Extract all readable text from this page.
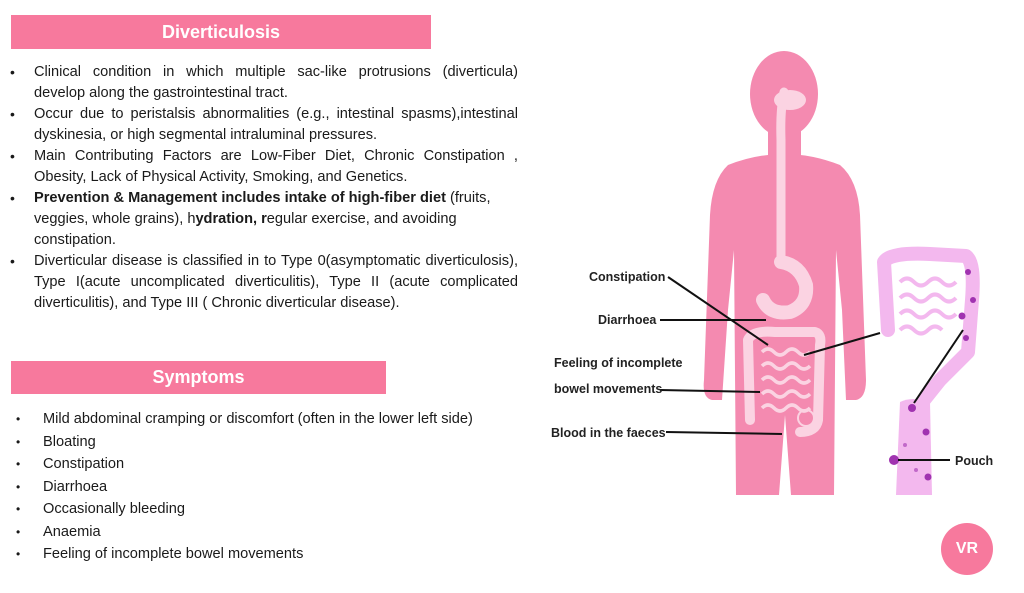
Diverticulosis
• Clinical condition in which multiple sac-like protrusions (diverticula) develop along the gastrointestinal tract.
• Occur due to peristalsis abnormalities (e.g., intestinal spasms),intestinal dyskinesia, or high segmental intraluminal pressures.
• Main Contributing Factors are Low-Fiber Diet, Chronic Constipation , Obesity, Lack of Physical Activity, Smoking, and Genetics.
• Prevention & Management includes intake of high-fiber diet (fruits, veggies, whole grains), hydration, regular exercise, and avoiding constipation.
• Diverticular disease is classified in to Type 0(asymptomatic diverticulosis), Type I(acute uncomplicated diverticulitis), Type II (acute complicated diverticulitis), and Type III ( Chronic diverticular disease).
Symptoms
• Mild abdominal cramping or discomfort (often in the lower left side)
• Bloating
• Constipation
• Diarrhoea
• Occasionally bleeding
• Anaemia
• Feeling of incomplete bowel movements
Constipation
Diarrhoea
Feeling of incomplete
bowel movements
Blood in the faeces
Pouch
VR
